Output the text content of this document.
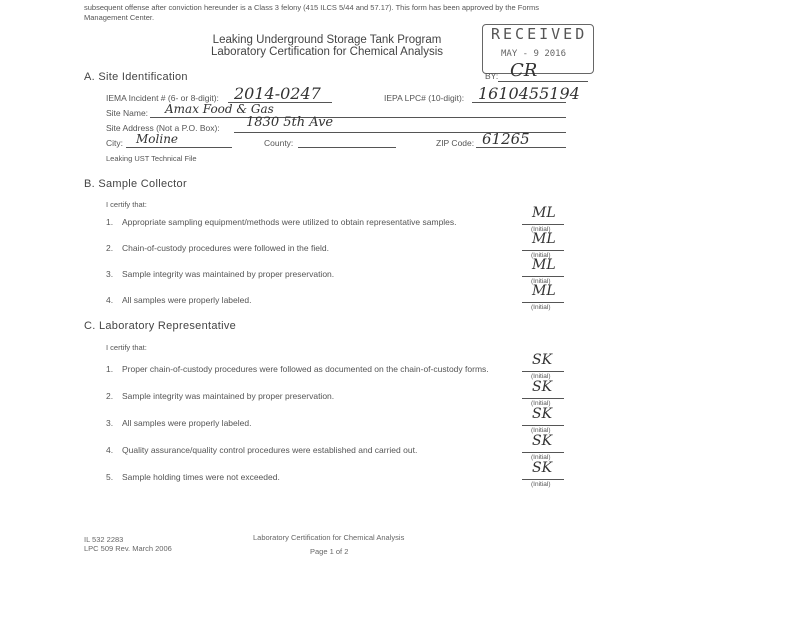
subsequent offense after conviction hereunder is a Class 3 felony (415 ILCS 5/44 and 57.17). This form has been approved by the Forms
Management Center.
Leaking Underground Storage Tank Program
Laboratory Certification for Chemical Analysis
RECEIVED
MAY - 9 2016
BY: CR
A. Site Identification
IEMA Incident # (6- or 8-digit): 2014-0247	IEPA LPC# (10-digit): 1610455194
Site Name: Amax Food & Gas
Site Address (Not a P.O. Box): 1830 5th Ave
City: Moline	County:	ZIP Code: 61265
Leaking UST Technical File
B. Sample Collector
I certify that:
1. Appropriate sampling equipment/methods were utilized to obtain representative samples.
ML
(Initial)
2. Chain-of-custody procedures were followed in the field.
ML
(Initial)
3. Sample integrity was maintained by proper preservation.
ML
(Initial)
4. All samples were properly labeled.
ML
(Initial)
C. Laboratory Representative
I certify that:
1. Proper chain-of-custody procedures were followed as documented on the chain-of-custody forms.
SK
(Initial)
2. Sample integrity was maintained by proper preservation.
SK
(Initial)
3. All samples were properly labeled.
SK
(Initial)
4. Quality assurance/quality control procedures were established and carried out.
SK
(Initial)
5. Sample holding times were not exceeded.
SK
(Initial)
IL 532 2283
LPC 509 Rev. March 2006
Laboratory Certification for Chemical Analysis
Page 1 of 2
